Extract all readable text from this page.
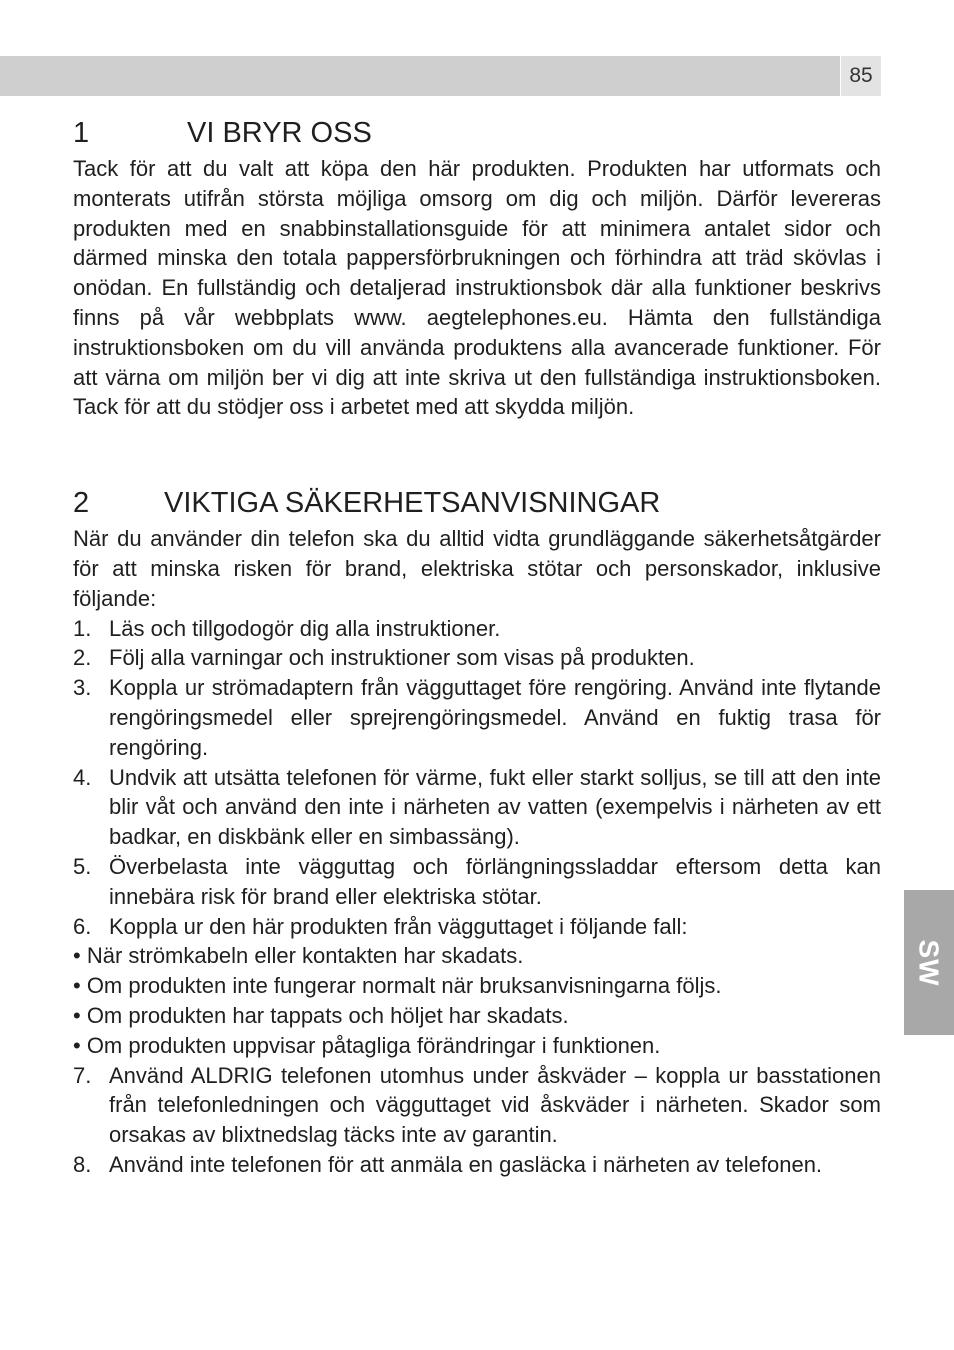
85
SW
1	VI BRYR OSS

Tack för att du valt att köpa den här produkten. Produkten har utformats och monterats utifrån största möjliga omsorg om dig och miljön. Därför levereras produkten med en snabbinstallationsguide för att minimera antalet sidor och därmed minska den totala pappersförbrukningen och förhindra att träd skövlas i onödan. En fullständig och detaljerad instruktionsbok där alla funktioner beskrivs finns på vår webbplats www. aegtelephones.eu. Hämta den fullständiga instruktionsboken om du vill använda produktens alla avancerade funktioner. För att värna om miljön ber vi dig att inte skriva ut den fullständiga instruktionsboken. Tack för att du stödjer oss i arbetet med att skydda miljön.

2	VIKTIGA SÄKERHETSANVISNINGAR

När du använder din telefon ska du alltid vidta grundläggande säkerhetsåtgärder för att minska risken för brand, elektriska stötar och personskador, inklusive följande:

1. Läs och tillgodogör dig alla instruktioner.
2. Följ alla varningar och instruktioner som visas på produkten.
3. Koppla ur strömadaptern från vägguttaget före rengöring. Använd inte flytande rengöringsmedel eller sprejrengöringsmedel. Använd en fuktig trasa för rengöring.
4. Undvik att utsätta telefonen för värme, fukt eller starkt solljus, se till att den inte blir våt och använd den inte i närheten av vatten (exempelvis i närheten av ett badkar, en diskbänk eller en simbassäng).
5. Överbelasta inte vägguttag och förlängningssladdar eftersom detta kan innebära risk för brand eller elektriska stötar.
6. Koppla ur den här produkten från vägguttaget i följande fall:
• När strömkabeln eller kontakten har skadats.
• Om produkten inte fungerar normalt när bruksanvisningarna följs.
• Om produkten har tappats och höljet har skadats.
• Om produkten uppvisar påtagliga förändringar i funktionen.
7. Använd ALDRIG telefonen utomhus under åskväder – koppla ur basstationen från telefonledningen och vägguttaget vid åskväder i närheten. Skador som orsakas av blixtnedslag täcks inte av garantin.
8. Använd inte telefonen för att anmäla en gasläcka i närheten av telefonen.
